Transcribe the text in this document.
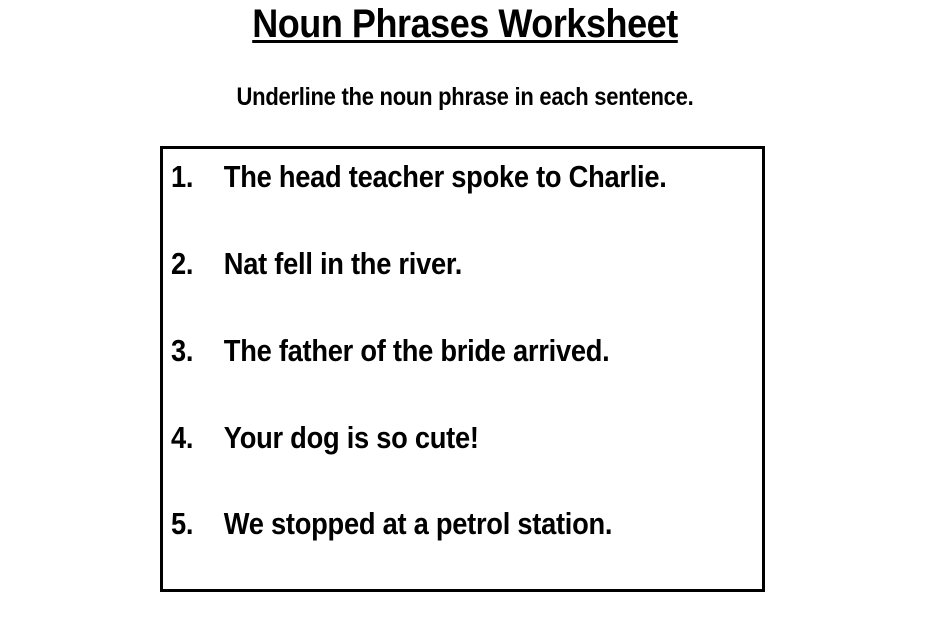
Noun Phrases Worksheet
Underline the noun phrase in each sentence.
1. The head teacher spoke to Charlie.
2. Nat fell in the river.
3. The father of the bride arrived.
4. Your dog is so cute!
5. We stopped at a petrol station.
